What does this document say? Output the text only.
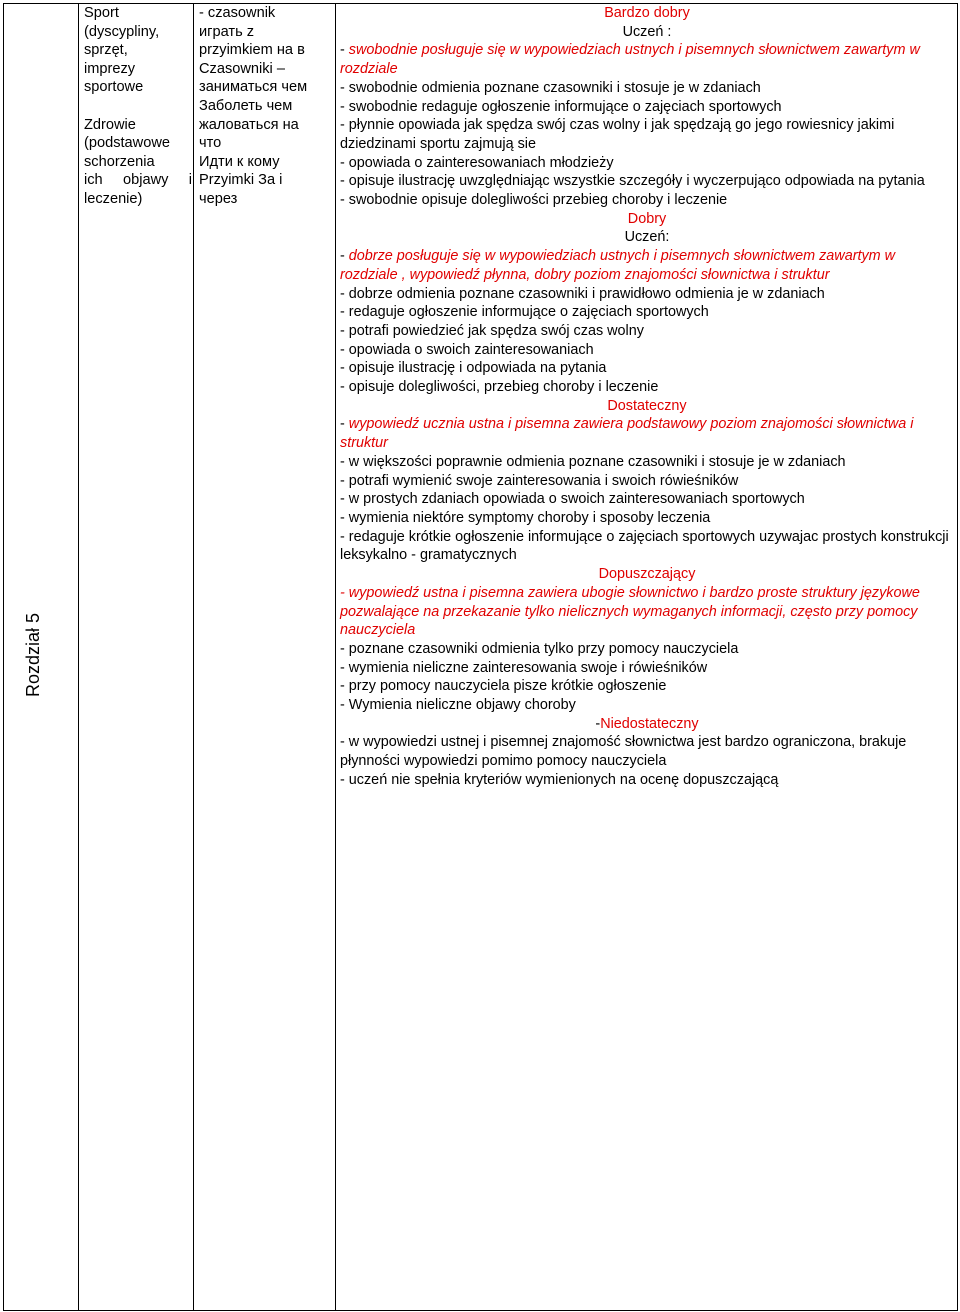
Rozdział 5

Sport

(dyscypliny,

sprzęt,

imprezy

sportowe

Zdrowie

(podstawowe

schorzenia

ich objawy i

leczenie)

- czasownik

играть z

przyimkiem на в

Czasowniki –

заниматься чем

Заболеть чем

жаловаться на

что

Идти к кому

Przyimki За i

через

Bardzo dobry
Uczeń :
- swobodnie posługuje się w wypowiedziach ustnych i pisemnych słownictwem zawartym w rozdziale
- swobodnie odmienia poznane czasowniki i stosuje je w zdaniach
- swobodnie redaguje ogłoszenie informujące o zajęciach sportowych
- płynnie opowiada jak spędza swój czas wolny i jak spędzają go jego rowiesnicy jakimi dziedzinami sportu zajmują sie
- opowiada o zainteresowaniach młodzieży
- opisuje ilustrację uwzględniając wszystkie szczegóły i wyczerpująco odpowiada na pytania
- swobodnie opisuje dolegliwości przebieg choroby i leczenie
Dobry
Uczeń:
- dobrze posługuje się w wypowiedziach ustnych i pisemnych słownictwem zawartym w rozdziale , wypowiedź płynna, dobry poziom znajomości słownictwa i struktur
- dobrze odmienia poznane czasowniki i prawidłowo odmienia je w zdaniach
- redaguje ogłoszenie informujące o zajęciach sportowych
- potrafi powiedzieć jak spędza swój czas wolny
- opowiada o swoich zainteresowaniach
- opisuje ilustrację i odpowiada na pytania
- opisuje dolegliwości, przebieg choroby i leczenie
Dostateczny
- wypowiedź ucznia ustna i pisemna zawiera podstawowy poziom znajomości słownictwa i struktur
- w większości poprawnie odmienia poznane czasowniki i stosuje je w zdaniach
- potrafi wymienić swoje zainteresowania i swoich rówieśników
- w prostych zdaniach opowiada o swoich zainteresowaniach sportowych
- wymienia niektóre symptomy choroby i sposoby leczenia
- redaguje krótkie ogłoszenie informujące o zajęciach sportowych uzywajac prostych konstrukcji leksykalno - gramatycznych
Dopuszczający
- wypowiedź ustna i pisemna zawiera ubogie słownictwo i bardzo proste struktury językowe pozwalające na przekazanie tylko nielicznych wymaganych informacji, często przy pomocy nauczyciela
- poznane czasowniki odmienia tylko przy pomocy nauczyciela
- wymienia nieliczne zainteresowania swoje i rówieśników
- przy pomocy nauczyciela pisze krótkie ogłoszenie
- Wymienia nieliczne objawy choroby
-Niedostateczny
- w wypowiedzi ustnej i pisemnej znajomość słownictwa jest bardzo ograniczona, brakuje płynności wypowiedzi pomimo pomocy nauczyciela
- uczeń nie spełnia kryteriów wymienionych na ocenę dopuszczającą
